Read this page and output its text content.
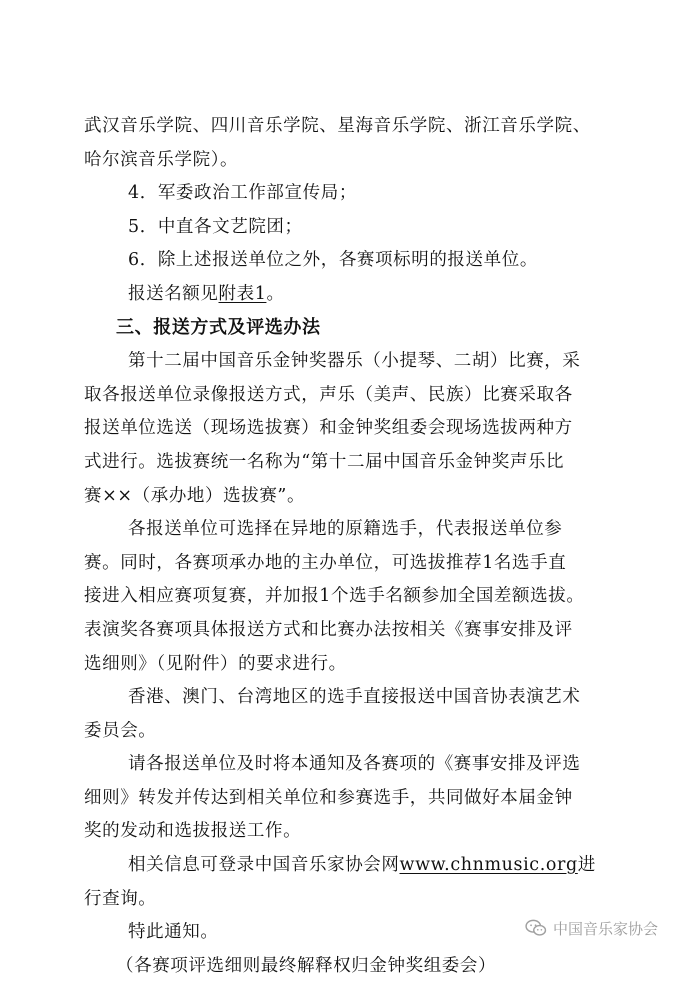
武汉音乐学院、四川音乐学院、星海音乐学院、浙江音乐学院、
哈尔滨音乐学院）。
4．军委政治工作部宣传局；
5．中直各文艺院团；
6．除上述报送单位之外，各赛项标明的报送单位。
报送名额见附表1。
三、报送方式及评选办法
第十二届中国音乐金钟奖器乐（小提琴、二胡）比赛，采
取各报送单位录像报送方式，声乐（美声、民族）比赛采取各
报送单位选送（现场选拔赛）和金钟奖组委会现场选拔两种方
式进行。选拔赛统一名称为“第十二届中国音乐金钟奖声乐比
赛××（承办地）选拔赛”。
各报送单位可选择在异地的原籍选手，代表报送单位参
赛。同时，各赛项承办地的主办单位，可选拔推荐1名选手直
接进入相应赛项复赛，并加报1个选手名额参加全国差额选拔。
表演奖各赛项具体报送方式和比赛办法按相关《赛事安排及评
选细则》（见附件）的要求进行。
香港、澳门、台湾地区的选手直接报送中国音协表演艺术
委员会。
请各报送单位及时将本通知及各赛项的《赛事安排及评选
细则》转发并传达到相关单位和参赛选手，共同做好本届金钟
奖的发动和选拔报送工作。
相关信息可登录中国音乐家协会网www.chnmusic.org进
行查询。
特此通知。
（各赛项评选细则最终解释权归金钟奖组委会）
中国音乐家协会
